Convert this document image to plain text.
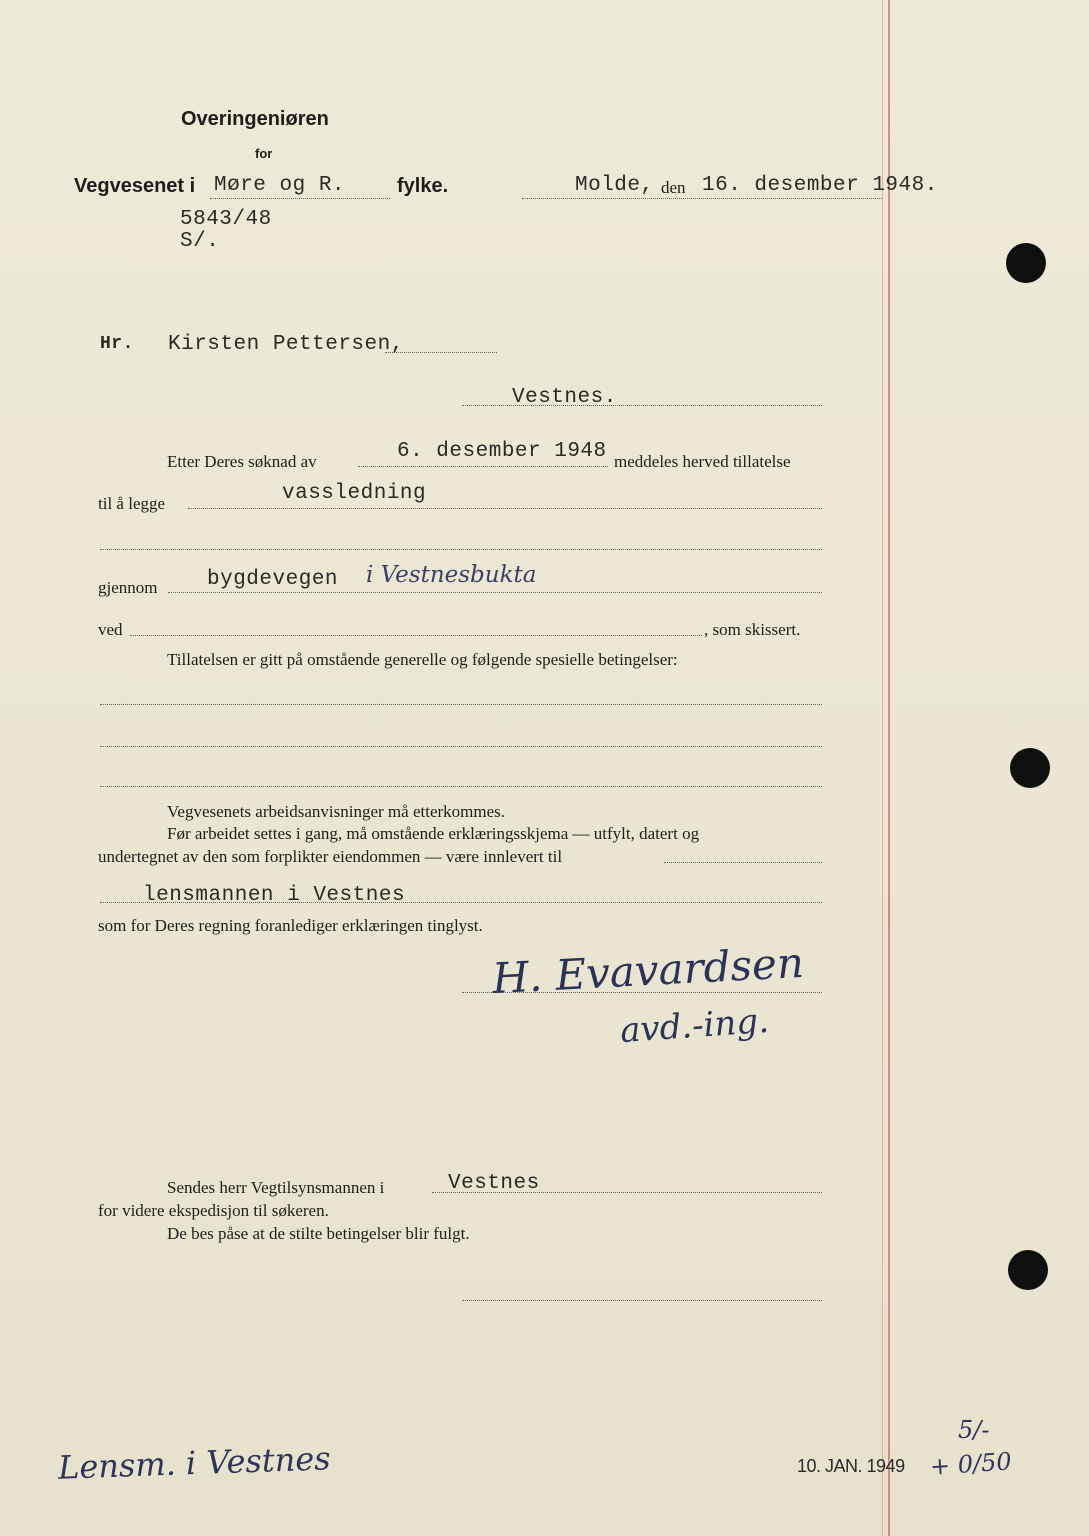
Overingeniøren
for
Vegvesenet i Møre og R.	fylke.	Molde, den 16. desember 1948.
5843/48
S/.
Hr. Kirsten Pettersen,
Vestnes.
Etter Deres søknad av	6. desember 1948 meddeles herved tillatelse
til å legge	vassledning
gjennom bygdevegen i Vestnesbukta
ved	, som skissert.
Tillatelsen er gitt på omstående generelle og følgende spesielle betingelser:
Vegvesenets arbeidsanvisninger må etterkommes.
Før arbeidet settes i gang, må omstående erklæringsskjema — utfylt, datert og
undertegnet av den som forplikter eiendommen — være innlevert til
lensmannen i Vestnes
som for Deres regning foranlediger erklæringen tinglyst.
H. Evavardsen
avd.-ing.
Sendes herr Vegtilsynsmannen i	Vestnes
for videre ekspedisjon til søkeren.
De bes påse at de stilte betingelser blir fulgt.
Lensm. i Vestnes	10. JAN. 1949
5/-
+ 0/50
